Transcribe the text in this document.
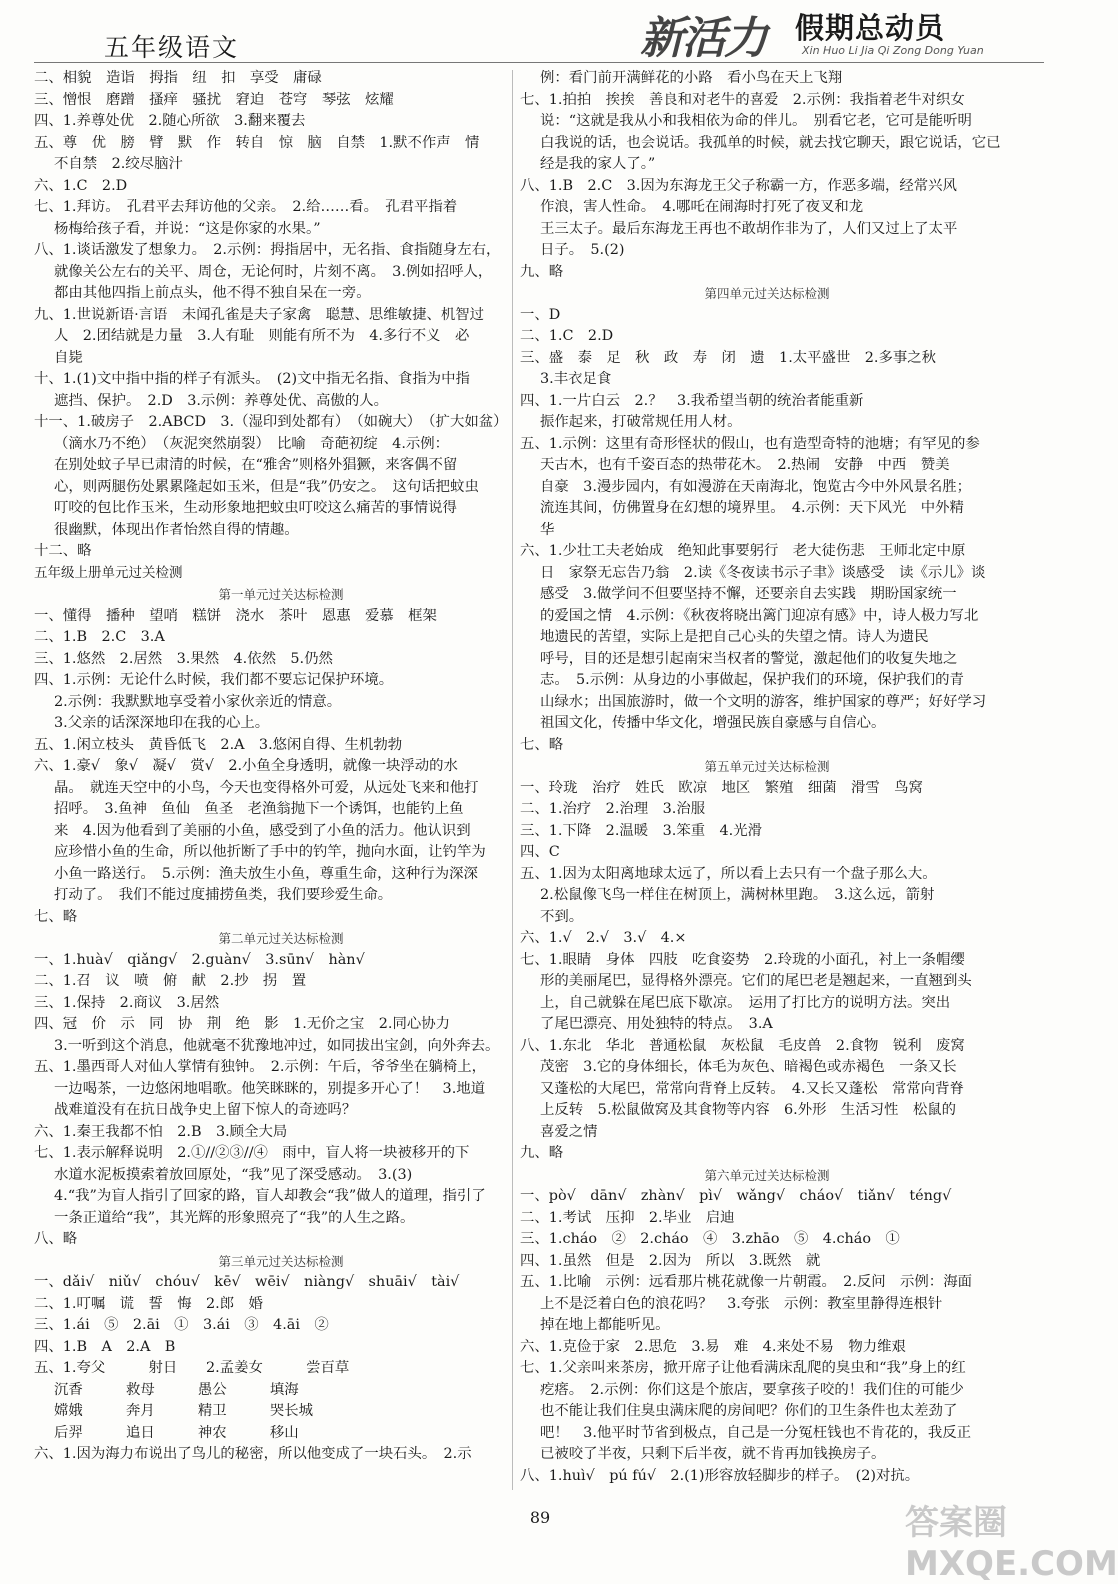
五年级语文	新活力 假期总动员
Xin Huo Li Jia Qi Zong Dong Yuan
二、相貌　造诣　拇指　纽　扣　享受　庸碌
三、憎恨　磨蹭　搔痒　骚扰　窘迫　苍穹　琴弦　炫耀
四、1.养尊处优　2.随心所欲　3.翻来覆去
五、尊　优　膀　臂　默　作　转自　惊　脑　自禁　1.默不作声　情
不自禁　2.绞尽脑汁
六、1.C　2.D
七、1.拜访。　孔君平去拜访他的父亲。　2.给……看。　孔君平指着
杨梅给孩子看，并说：“这是你家的水果。”
八、1.谈话激发了想象力。　2.示例：拇指居中，无名指、食指随身左右，
就像关公左右的关平、周仓，无论何时，片刻不离。　3.例如招呼人，
都由其他四指上前点头，他不得不独自呆在一旁。
九、1.世说新语·言语　未闻孔雀是夫子家禽　聪慧、思维敏捷、机智过
人　2.团结就是力量　3.人有耻　则能有所不为　4.多行不义　必
自毙
十、1.(1)文中指中指的样子有派头。　(2)文中指无名指、食指为中指
遮挡、保护。　2.D　3.示例：养尊处优、高傲的人。
十一、1.破房子　2.ABCD　3.（湿印到处都有）　（如碗大）　（扩大如盆）
（滴水乃不绝）　（灰泥突然崩裂）　比喻　奇葩初绽　4.示例：
在别处蚊子早已肃清的时候，在“雅舍”则格外猖獗，来客偶不留
心，则两腿伤处累累隆起如玉米，但是“我”仍安之。　这句话把蚊虫
叮咬的包比作玉米，生动形象地把蚊虫叮咬这么痛苦的事情说得
很幽默，体现出作者怡然自得的情趣。
十二、略
五年级上册单元过关检测
第一单元过关达标检测
一、懂得　播种　望哨　糕饼　浇水　茶叶　恩惠　爱慕　框架
二、1.B　2.C　3.A
三、1.悠然　2.居然　3.果然　4.依然　5.仍然
四、1.示例：无论什么时候，我们都不要忘记保护环境。
2.示例：我默默地享受着小家伙亲近的情意。
3.父亲的话深深地印在我的心上。
五、1.闲立枝头　黄昏低飞　2.A　3.悠闲自得、生机勃勃
六、1.豪√　象√　凝√　赏√　2.小鱼全身透明，就像一块浮动的水
晶。　就连天空中的小鸟，今天也变得格外可爱，从远处飞来和他打
招呼。　3.鱼神　鱼仙　鱼圣　老渔翁抛下一个诱饵，也能钓上鱼
来　4.因为他看到了美丽的小鱼，感受到了小鱼的活力。他认识到
应珍惜小鱼的生命，所以他折断了手中的钓竿，抛向水面，让钓竿为
小鱼一路送行。　5.示例：渔夫放生小鱼，尊重生命，这种行为深深
打动了。　我们不能过度捕捞鱼类，我们要珍爱生命。
七、略
第二单元过关达标检测
一、1.huà√　qiǎng√　2.guàn√　3.sūn√　hàn√
二、1.召　议　喷　俯　献　2.抄　拐　置
三、1.保持　2.商议　3.居然
四、冠　价　示　同　协　荆　绝　影　1.无价之宝　2.同心协力
3.一听到这个消息，他就毫不犹豫地冲过，如同拔出宝剑，向外奔去。
五、1.墨西哥人对仙人掌情有独钟。　2.示例：午后，爷爷坐在躺椅上，
一边喝茶，一边悠闲地唱歌。他笑眯眯的，别提多开心了！　3.地道
战难道没有在抗日战争史上留下惊人的奇迹吗？
六、1.秦王我都不怕　2.B　3.顾全大局
七、1.表示解释说明　2.①//②③//④　雨中，盲人将一块被移开的下
水道水泥板摸索着放回原处，“我”见了深受感动。　3.(3)
4.“我”为盲人指引了回家的路，盲人却教会“我”做人的道理，指引了
一条正道给“我”，其光辉的形象照亮了“我”的人生之路。
八、略
第三单元过关达标检测
一、dǎi√　niǔ√　chóu√　kē√　wēi√　niàng√　shuāi√　tài√
二、1.叮嘱　谎　誓　悔　2.郎　婚
三、1.ái　⑤　2.āi　①　3.ái　③　4.āi　②
四、1.B　A　2.A　B
五、1.夸父　　　射日　　2.孟姜女　　　尝百草
沉香　　　救母　　　愚公　　　填海
嫦娥　　　奔月　　　精卫　　　哭长城
后羿　　　追日　　　神农　　　移山
六、1.因为海力布说出了鸟儿的秘密，所以他变成了一块石头。　2.示
例：看门前开满鲜花的小路　看小鸟在天上飞翔
七、1.拍拍　挨挨　善良和对老牛的喜爱　2.示例：我指着老牛对织女
说：“这就是我从小和我相依为命的伴儿。　别看它老，它可是能听明
白我说的话，也会说话。我孤单的时候，就去找它聊天，跟它说话，它已
经是我的家人了。”
八、1.B　2.C　3.因为东海龙王父子称霸一方，作恶多端，经常兴风
作浪，害人性命。　4.哪吒在闹海时打死了夜叉和龙
王三太子。最后东海龙王再也不敢胡作非为了，人们又过上了太平
日子。　5.(2)
九、略
第四单元过关达标检测
一、D
二、1.C　2.D
三、盛　泰　足　秋　政　寿　闭　遗　1.太平盛世　2.多事之秋
3.丰衣足食
四、1.一片白云　2.？　3.我希望当朝的统治者能重新
振作起来，打破常规任用人材。
五、1.示例：这里有奇形怪状的假山，也有造型奇特的池塘；有罕见的参
天古木，也有千姿百态的热带花木。　2.热闹　安静　中西　赞美
自豪　3.漫步园内，有如漫游在天南海北，饱览古今中外风景名胜；
流连其间，仿佛置身在幻想的境界里。　4.示例：天下风光　中外精
华
六、1.少壮工夫老始成　绝知此事要躬行　老大徒伤悲　王师北定中原
日　家祭无忘告乃翁　2.读《冬夜读书示子聿》谈感受　读《示儿》谈
感受　3.做学问不但要坚持不懈，还要亲自去实践　期盼国家统一
的爱国之情　4.示例：《秋夜将晓出篱门迎凉有感》中，诗人极力写北
地遗民的苦望，实际上是把自己心头的失望之情。诗人为遗民
呼号，目的还是想引起南宋当权者的警觉，激起他们的收复失地之
志。　5.示例：从身边的小事做起，保护我们的环境，保护我们的青
山绿水；出国旅游时，做一个文明的游客，维护国家的尊严；好好学习
祖国文化，传播中华文化，增强民族自豪感与自信心。
七、略
第五单元过关达标检测
一、玲珑　治疗　姓氏　欧凉　地区　繁殖　细菌　滑雪　鸟窝
二、1.治疗　2.治理　3.治服
三、1.下降　2.温暖　3.笨重　4.光滑
四、C
五、1.因为太阳离地球太远了，所以看上去只有一个盘子那么大。
2.松鼠像飞鸟一样住在树顶上，满树林里跑。　3.这么远，箭射
不到。
六、1.√　2.√　3.√　4.×
七、1.眼睛　身体　四肢　吃食姿势　2.玲珑的小面孔，衬上一条帽缨
形的美丽尾巴，显得格外漂亮。它们的尾巴老是翘起来，一直翘到头
上，自己就躲在尾巴底下歇凉。　运用了打比方的说明方法。突出
了尾巴漂亮、用处独特的特点。　3.A
八、1.东北　华北　普通松鼠　灰松鼠　毛皮兽　2.食物　锐利　废窝
茂密　3.它的身体细长，体毛为灰色、暗褐色或赤褐色　一条又长
又蓬松的大尾巴，常常向背脊上反转。　4.又长又蓬松　常常向背脊
上反转　5.松鼠做窝及其食物等内容　6.外形　生活习性　松鼠的
喜爱之情
九、略
第六单元过关达标检测
一、pò√　dān√　zhàn√　pì√　wǎng√　cháo√　tiǎn√　téng√
二、1.考试　压抑　2.毕业　启迪
三、1.cháo　②　2.cháo　④　3.zhāo　⑤　4.cháo　①
四、1.虽然　但是　2.因为　所以　3.既然　就
五、1.比喻　示例：远看那片桃花就像一片朝霞。　2.反问　示例：海面
上不是泛着白色的浪花吗？　3.夸张　示例：教室里静得连根针
掉在地上都能听见。
六、1.克俭于家　2.思危　3.易　难　4.来处不易　物力维艰
七、1.父亲叫来茶房，掀开席子让他看满床乱爬的臭虫和“我”身上的红
疙瘩。　2.示例：你们这是个旅店，要拿孩子咬的！我们住的可能少
也不能让我们住臭虫满床爬的房间吧？你们的卫生条件也太差劲了
吧！　3.他平时节省到极点，自己是一分冤枉钱也不肯花的，我反正
已被咬了半夜，只剩下后半夜，就不肯再加钱换房子。
八、1.huì√　pú fú√　2.(1)形容放轻脚步的样子。　(2)对抗。
89	答案圈 MXQE.COM
